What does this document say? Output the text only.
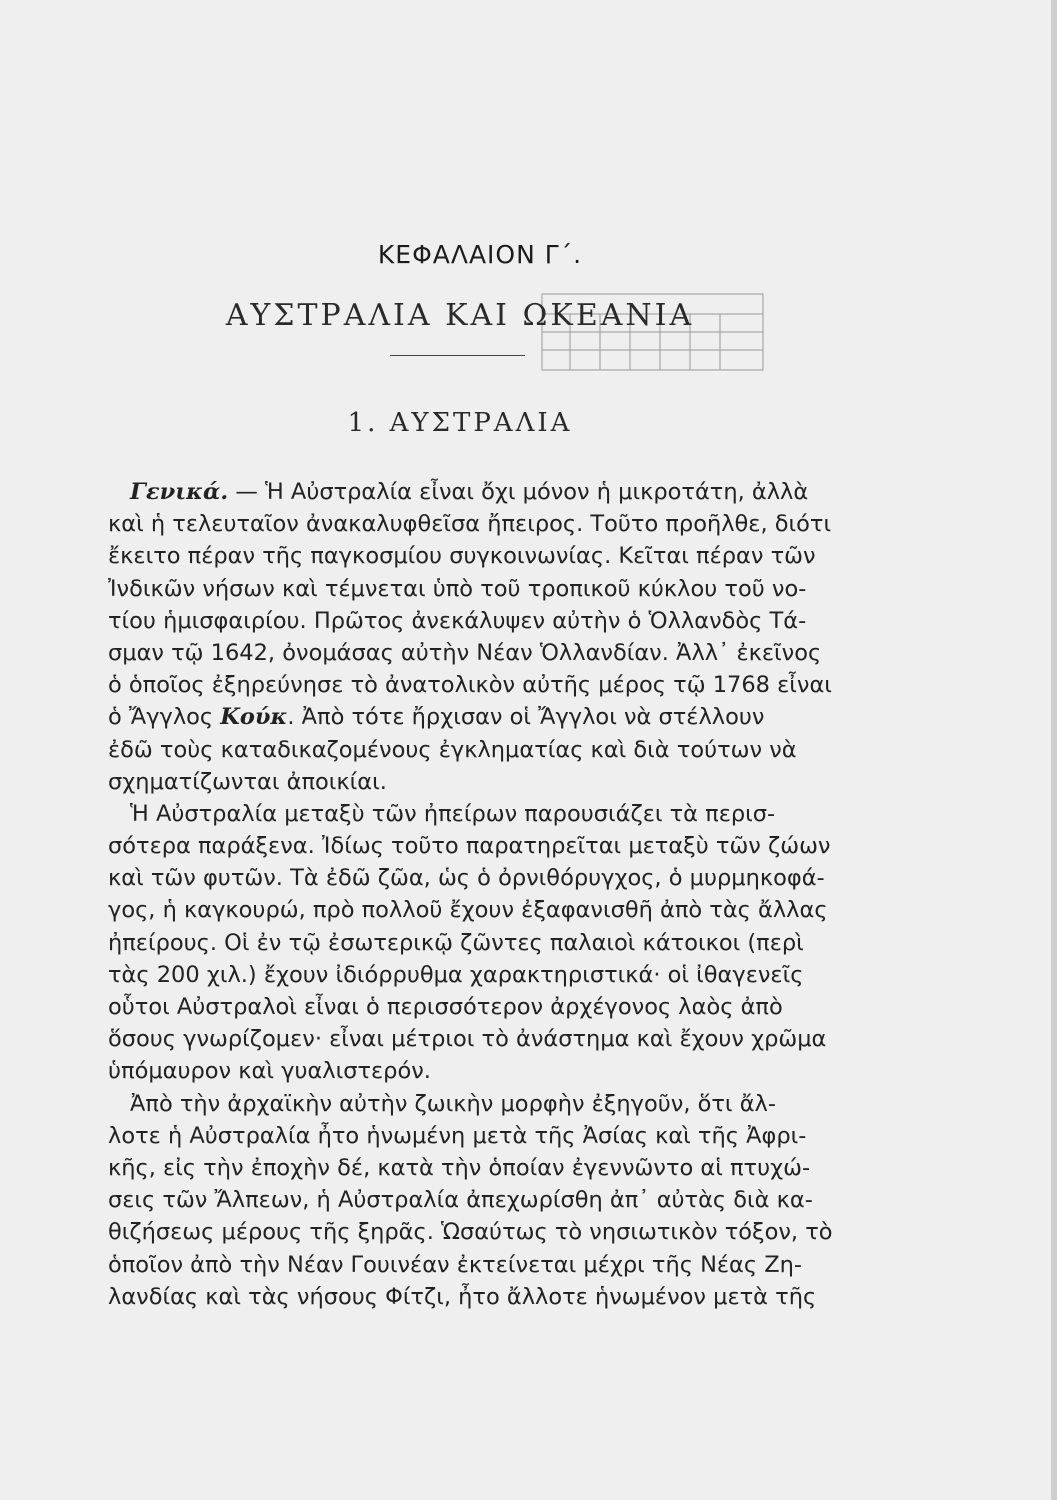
ΚΕΦΑΛΑΙΟΝ Γ΄.
ΑΥΣΤΡΑΛΙΑ ΚΑΙ ΩΚΕΑΝΙΑ
1. ΑΥΣΤΡΑΛΙΑ
Γενικά. — Ἡ Αὐστραλία εἶναι ὄχι μόνον ἡ μικροτάτη, ἀλλὰ
καὶ ἡ τελευταῖον ἀνακαλυφθεῖσα ἤπειρος. Τοῦτο προῆλθε, διότι
ἔκειτο πέραν τῆς παγκοσμίου συγκοινωνίας. Κεῖται πέραν τῶν
Ἰνδικῶν νήσων καὶ τέμνεται ὑπὸ τοῦ τροπικοῦ κύκλου τοῦ νο-
τίου ἡμισφαιρίου. Πρῶτος ἀνεκάλυψεν αὐτὴν ὁ Ὁλλανδὸς Τά-
σμαν τῷ 1642, ὀνομάσας αὐτὴν Νέαν Ὁλλανδίαν. Ἀλλ᾽ ἐκεῖνος
ὁ ὁποῖος ἐξηρεύνησε τὸ ἀνατολικὸν αὐτῆς μέρος τῷ 1768 εἶναι
ὁ Ἄγγλος Κούκ. Ἀπὸ τότε ἤρχισαν οἱ Ἄγγλοι νὰ στέλλουν
ἐδῶ τοὺς καταδικαζομένους ἐγκληματίας καὶ διὰ τούτων νὰ
σχηματίζωνται ἀποικίαι.
Ἡ Αὐστραλία μεταξὺ τῶν ἠπείρων παρουσιάζει τὰ περισ-
σότερα παράξενα. Ἰδίως τοῦτο παρατηρεῖται μεταξὺ τῶν ζώων
καὶ τῶν φυτῶν. Τὰ ἐδῶ ζῶα, ὡς ὁ ὀρνιθόρυγχος, ὁ μυρμηκοφά-
γος, ἡ καγκουρώ, πρὸ πολλοῦ ἔχουν ἐξαφανισθῆ ἀπὸ τὰς ἄλλας
ἠπείρους. Οἱ ἐν τῷ ἐσωτερικῷ ζῶντες παλαιοὶ κάτοικοι (περὶ
τὰς 200 χιλ.) ἔχουν ἰδιόρρυθμα χαρακτηριστικά· οἱ ἰθαγενεῖς
οὗτοι Αὐστραλοὶ εἶναι ὁ περισσότερον ἀρχέγονος λαὸς ἀπὸ
ὅσους γνωρίζομεν· εἶναι μέτριοι τὸ ἀνάστημα καὶ ἔχουν χρῶμα
ὑπόμαυρον καὶ γυαλιστερόν.
Ἀπὸ τὴν ἀρχαϊκὴν αὐτὴν ζωικὴν μορφὴν ἐξηγοῦν, ὅτι ἄλ-
λοτε ἡ Αὐστραλία ἦτο ἡνωμένη μετὰ τῆς Ἀσίας καὶ τῆς Ἀφρι-
κῆς, εἰς τὴν ἐποχὴν δέ, κατὰ τὴν ὁποίαν ἐγεννῶντο αἱ πτυχώ-
σεις τῶν Ἄλπεων, ἡ Αὐστραλία ἀπεχωρίσθη ἀπ᾽ αὐτὰς διὰ κα-
θιζήσεως μέρους τῆς ξηρᾶς. Ὡσαύτως τὸ νησιωτικὸν τόξον, τὸ
ὁποῖον ἀπὸ τὴν Νέαν Γουινέαν ἐκτείνεται μέχρι τῆς Νέας Ζη-
λανδίας καὶ τὰς νήσους Φίτζι, ἦτο ἄλλοτε ἡνωμένον μετὰ τῆς
